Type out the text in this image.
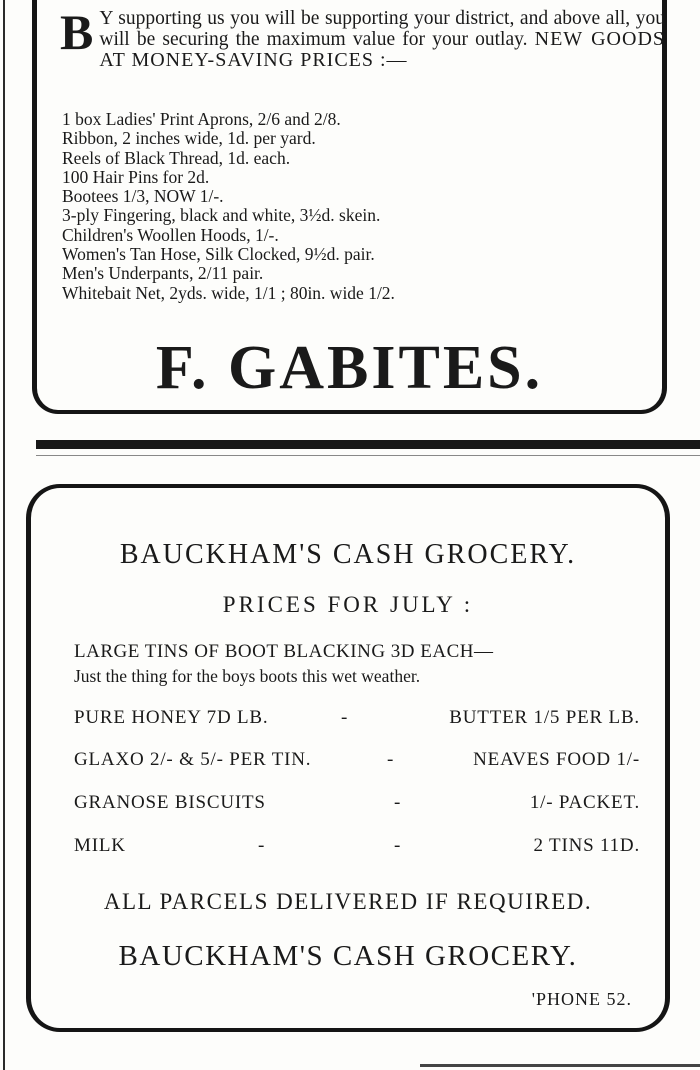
B Y supporting us you will be supporting your district, and above all, you will be securing the maximum value for your outlay. NEW GOODS AT MONEY-SAVING PRICES :—
1 box Ladies' Print Aprons, 2/6 and 2/8.
Ribbon, 2 inches wide, 1d. per yard.
Reels of Black Thread, 1d. each.
100 Hair Pins for 2d.
Bootees 1/3, NOW 1/-.
3-ply Fingering, black and white, 3½d. skein.
Children's Woollen Hoods, 1/-.
Women's Tan Hose, Silk Clocked, 9½d. pair.
Men's Underpants, 2/11 pair.
Whitebait Net, 2yds. wide, 1/1 ; 80in. wide 1/2.
F. GABITES.
BAUCKHAM'S CASH GROCERY.
PRICES FOR JULY :
LARGE TINS OF BOOT BLACKING 3D EACH—
Just the thing for the boys boots this wet weather.
PURE HONEY 7D LB.	-	BUTTER 1/5 PER LB.
GLAXO 2/- & 5/- PER TIN.	-	NEAVES FOOD 1/-
GRANOSE BISCUITS	-	1/- PACKET.
MILK	-	-	2 TINS 11D.
ALL PARCELS DELIVERED IF REQUIRED.
BAUCKHAM'S CASH GROCERY.
'PHONE 52.
